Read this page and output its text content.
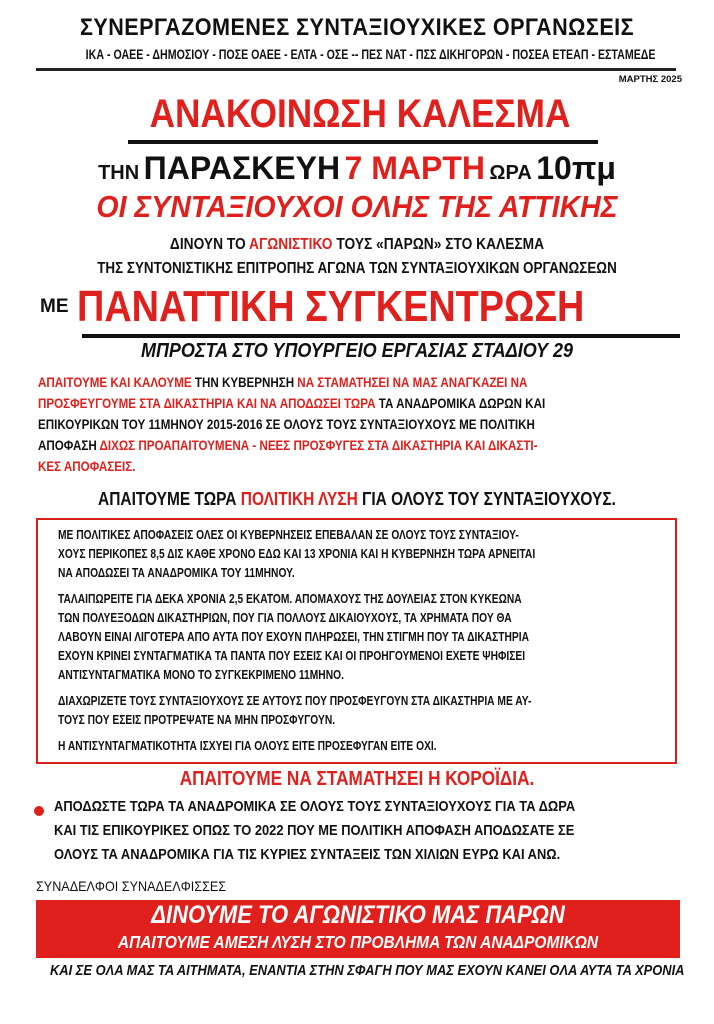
ΣΥΝΕΡΓΑΖΟΜΕΝΕΣ ΣΥΝΤΑΞΙΟΥΧΙΚΕΣ ΟΡΓΑΝΩΣΕΙΣ
ΙΚΑ - ΟΑΕΕ - ΔΗΜΟΣΙΟΥ - ΠΟΣΕ ΟΑΕΕ - ΕΛΤΑ - ΟΣΕ -- ΠΕΣ ΝΑΤ - ΠΣΣ ΔΙΚΗΓΟΡΩΝ - ΠΟΣΕΑ ΕΤΕΑΠ - ΕΣΤΑΜΕΔΕ
ΜΑΡΤΗΣ 2025
ΑΝΑΚΟΙΝΩΣΗ ΚΑΛΕΣΜΑ
ΤΗΝ ΠΑΡΑΣΚΕΥΗ 7 ΜΑΡΤΗ ΩΡΑ 10πμ
ΟΙ ΣΥΝΤΑΞΙΟΥΧΟΙ ΟΛΗΣ ΤΗΣ ΑΤΤΙΚΗΣ
ΔΙΝΟΥΝ ΤΟ ΑΓΩΝΙΣΤΙΚΟ ΤΟΥΣ «ΠΑΡΩΝ» ΣΤΟ ΚΑΛΕΣΜΑ
ΤΗΣ ΣΥΝΤΟΝΙΣΤΙΚΗΣ ΕΠΙΤΡΟΠΗΣ ΑΓΩΝΑ ΤΩΝ ΣΥΝΤΑΞΙΟΥΧΙΚΩΝ ΟΡΓΑΝΩΣΕΩΝ
ΜΕ ΠΑΝΑΤΤΙΚΗ ΣΥΓΚΕΝΤΡΩΣΗ
ΜΠΡΟΣΤΑ ΣΤΟ ΥΠΟΥΡΓΕΙΟ ΕΡΓΑΣΙΑΣ ΣΤΑΔΙΟΥ 29
ΑΠΑΙΤΟΥΜΕ ΚΑΙ ΚΑΛΟΥΜΕ ΤΗΝ ΚΥΒΕΡΝΗΣΗ ΝΑ ΣΤΑΜΑΤΗΣΕΙ ΝΑ ΜΑΣ ΑΝΑΓΚΑΖΕΙ ΝΑ
ΠΡΟΣΦΕΥΓΟΥΜΕ ΣΤΑ ΔΙΚΑΣΤΗΡΙΑ ΚΑΙ ΝΑ ΑΠΟΔΩΣΕΙ ΤΩΡΑ ΤΑ ΑΝΑΔΡΟΜΙΚΑ ΔΩΡΩΝ ΚΑΙ
ΕΠΙΚΟΥΡΙΚΩΝ ΤΟΥ 11ΜΗΝΟΥ 2015-2016 ΣΕ ΟΛΟΥΣ ΤΟΥΣ ΣΥΝΤΑΞΙΟΥΧΟΥΣ ΜΕ ΠΟΛΙΤΙΚΗ
ΑΠΟΦΑΣΗ ΔΙΧΩΣ ΠΡΟΑΠΑΙΤΟΥΜΕΝΑ - ΝΕΕΣ ΠΡΟΣΦΥΓΕΣ ΣΤΑ ΔΙΚΑΣΤΗΡΙΑ ΚΑΙ ΔΙΚΑΣΤΙ-
ΚΕΣ ΑΠΟΦΑΣΕΙΣ.
ΑΠΑΙΤΟΥΜΕ ΤΩΡΑ ΠΟΛΙΤΙΚΗ ΛΥΣΗ ΓΙΑ ΟΛΟΥΣ ΤΟΥ ΣΥΝΤΑΞΙΟΥΧΟΥΣ.
ΜΕ ΠΟΛΙΤΙΚΕΣ ΑΠΟΦΑΣΕΙΣ ΟΛΕΣ ΟΙ ΚΥΒΕΡΝΗΣΕΙΣ ΕΠΕΒΑΛΑΝ ΣΕ ΟΛΟΥΣ ΤΟΥΣ ΣΥΝΤΑΞΙΟΥ-
ΧΟΥΣ ΠΕΡΙΚΟΠΕΣ 8,5 ΔΙΣ ΚΑΘΕ ΧΡΟΝΟ ΕΔΩ ΚΑΙ 13 ΧΡΟΝΙΑ ΚΑΙ Η ΚΥΒΕΡΝΗΣΗ ΤΩΡΑ ΑΡΝΕΙΤΑΙ
ΝΑ ΑΠΟΔΩΣΕΙ ΤΑ ΑΝΑΔΡΟΜΙΚΑ ΤΟΥ 11ΜΗΝΟΥ.
ΤΑΛΑΙΠΩΡΕΙΤΕ ΓΙΑ ΔΕΚΑ ΧΡΟΝΙΑ 2,5 ΕΚΑΤΟΜ. ΑΠΟΜΑΧΟΥΣ ΤΗΣ ΔΟΥΛΕΙΑΣ ΣΤΟΝ ΚΥΚΕΩΝΑ
ΤΩΝ ΠΟΛΥΕΞΟΔΩΝ ΔΙΚΑΣΤΗΡΙΩΝ, ΠΟΥ ΓΙΑ ΠΟΛΛΟΥΣ ΔΙΚΑΙΟΥΧΟΥΣ, ΤΑ ΧΡΗΜΑΤΑ ΠΟΥ ΘΑ
ΛΑΒΟΥΝ ΕΙΝΑΙ ΛΙΓΟΤΕΡΑ ΑΠΟ ΑΥΤΑ ΠΟΥ ΕΧΟΥΝ ΠΛΗΡΩΣΕΙ, ΤΗΝ ΣΤΙΓΜΗ ΠΟΥ ΤΑ ΔΙΚΑΣΤΗΡΙΑ
ΕΧΟΥΝ ΚΡΙΝΕΙ ΣΥΝΤΑΓΜΑΤΙΚΑ ΤΑ ΠΑΝΤΑ ΠΟΥ ΕΣΕΙΣ ΚΑΙ ΟΙ ΠΡΟΗΓΟΥΜΕΝΟΙ ΕΧΕΤΕ ΨΗΦΙΣΕΙ
ΑΝΤΙΣΥΝΤΑΓΜΑΤΙΚΑ ΜΟΝΟ ΤΟ ΣΥΓΚΕΚΡΙΜΕΝΟ 11ΜΗΝΟ.
ΔΙΑΧΩΡΙΖΕΤΕ ΤΟΥΣ ΣΥΝΤΑΞΙΟΥΧΟΥΣ ΣΕ ΑΥΤΟΥΣ ΠΟΥ ΠΡΟΣΦΕΥΓΟΥΝ ΣΤΑ ΔΙΚΑΣΤΗΡΙΑ ΜΕ ΑΥ-
ΤΟΥΣ ΠΟΥ ΕΣΕΙΣ ΠΡΟΤΡΕΨΑΤΕ ΝΑ ΜΗΝ ΠΡΟΣΦΥΓΟΥΝ.
Η ΑΝΤΙΣΥΝΤΑΓΜΑΤΙΚΟΤΗΤΑ ΙΣΧΥΕΙ ΓΙΑ ΟΛΟΥΣ ΕΙΤΕ ΠΡΟΣΕΦΥΓΑΝ ΕΙΤΕ ΟΧΙ.
ΑΠΑΙΤΟΥΜΕ ΝΑ ΣΤΑΜΑΤΗΣΕΙ Η ΚΟΡΟΪΔΙΑ.
ΑΠΟΔΩΣΤΕ ΤΩΡΑ ΤΑ ΑΝΑΔΡΟΜΙΚΑ ΣΕ ΟΛΟΥΣ ΤΟΥΣ ΣΥΝΤΑΞΙΟΥΧΟΥΣ ΓΙΑ ΤΑ ΔΩΡΑ
ΚΑΙ ΤΙΣ ΕΠΙΚΟΥΡΙΚΕΣ ΟΠΩΣ ΤΟ 2022 ΠΟΥ ΜΕ ΠΟΛΙΤΙΚΗ ΑΠΟΦΑΣΗ ΑΠΟΔΩΣΑΤΕ ΣΕ
ΟΛΟΥΣ ΤΑ ΑΝΑΔΡΟΜΙΚΑ ΓΙΑ ΤΙΣ ΚΥΡΙΕΣ ΣΥΝΤΑΞΕΙΣ ΤΩΝ ΧΙΛΙΩΝ ΕΥΡΩ ΚΑΙ ΑΝΩ.
ΣΥΝΑΔΕΛΦΟΙ ΣΥΝΑΔΕΛΦΙΣΣΕΣ
ΔΙΝΟΥΜΕ ΤΟ ΑΓΩΝΙΣΤΙΚΟ ΜΑΣ ΠΑΡΩΝ
ΑΠΑΙΤΟΥΜΕ ΑΜΕΣΗ ΛΥΣΗ ΣΤΟ ΠΡΟΒΛΗΜΑ ΤΩΝ ΑΝΑΔΡΟΜΙΚΩΝ
ΚΑΙ ΣΕ ΟΛΑ ΜΑΣ ΤΑ ΑΙΤΗΜΑΤΑ, ΕΝΑΝΤΙΑ ΣΤΗΝ ΣΦΑΓΗ ΠΟΥ ΜΑΣ ΕΧΟΥΝ ΚΑΝΕΙ ΟΛΑ ΑΥΤΑ ΤΑ ΧΡΟΝΙΑ
